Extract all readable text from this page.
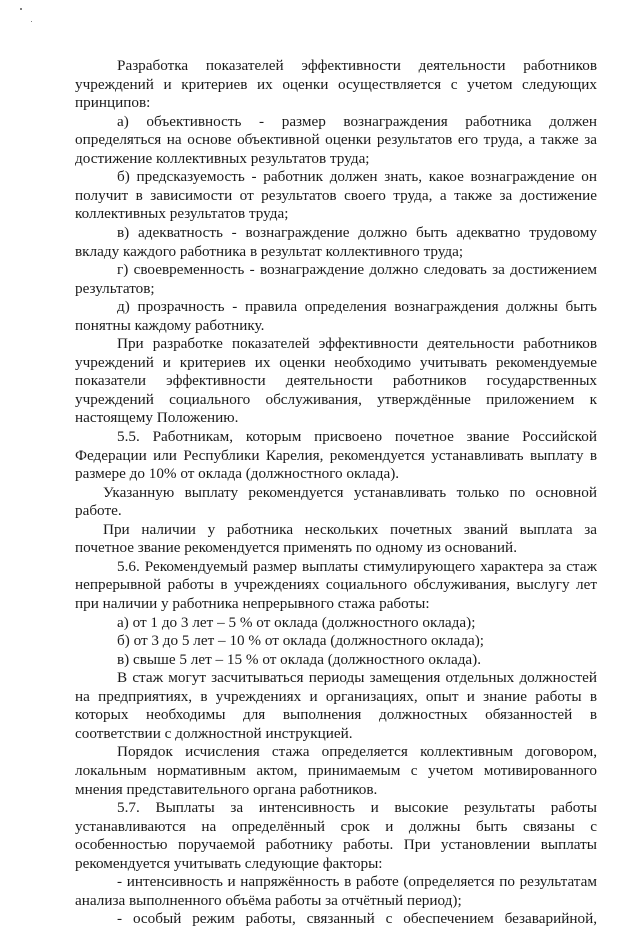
Разработка показателей эффективности деятельности работников
учреждений и критериев их оценки осуществляется с учетом следующих
принципов:
а) объективность - размер вознаграждения работника должен
определяться на основе объективной оценки результатов его труда, а также за
достижение коллективных результатов труда;
б) предсказуемость - работник должен знать, какое вознаграждение он
получит в зависимости от результатов своего труда, а также за достижение
коллективных результатов труда;
в) адекватность - вознаграждение должно быть адекватно трудовому
вкладу каждого работника в результат коллективного труда;
г) своевременность - вознаграждение должно следовать за достижением
результатов;
д) прозрачность - правила определения вознаграждения должны быть
понятны каждому работнику.
При разработке показателей эффективности деятельности работников
учреждений и критериев их оценки необходимо учитывать рекомендуемые
показатели эффективности деятельности работников государственных
учреждений социального обслуживания, утверждённые приложением к
настоящему Положению.
5.5. Работникам, которым присвоено почетное звание Российской
Федерации или Республики Карелия, рекомендуется устанавливать выплату в
размере до 10% от оклада (должностного оклада).
Указанную выплату рекомендуется устанавливать только по основной
работе.
При наличии у работника нескольких почетных званий выплата за
почетное звание рекомендуется применять по одному из оснований.
5.6. Рекомендуемый размер выплаты стимулирующего характера за стаж
непрерывной работы в учреждениях социального обслуживания, выслугу лет
при наличии у работника непрерывного стажа работы:
а) от 1 до 3 лет – 5 % от оклада (должностного оклада);
б) от 3 до 5 лет – 10 % от оклада (должностного оклада);
в) свыше 5 лет – 15 % от оклада (должностного оклада).
В стаж могут засчитываться периоды замещения отдельных должностей
на предприятиях, в учреждениях и организациях, опыт и знание работы в
которых необходимы для выполнения должностных обязанностей в
соответствии с должностной инструкцией.
Порядок исчисления стажа определяется коллективным договором,
локальным нормативным актом, принимаемым с учетом мотивированного
мнения представительного органа работников.
5.7. Выплаты за интенсивность и высокие результаты работы
устанавливаются на определённый срок и должны быть связаны с
особенностью поручаемой работнику работы. При установлении выплаты
рекомендуется учитывать следующие факторы:
- интенсивность и напряжённость в работе (определяется по результатам
анализа выполненного объёма работы за отчётный период);
- особый режим работы, связанный с обеспечением безаварийной,
